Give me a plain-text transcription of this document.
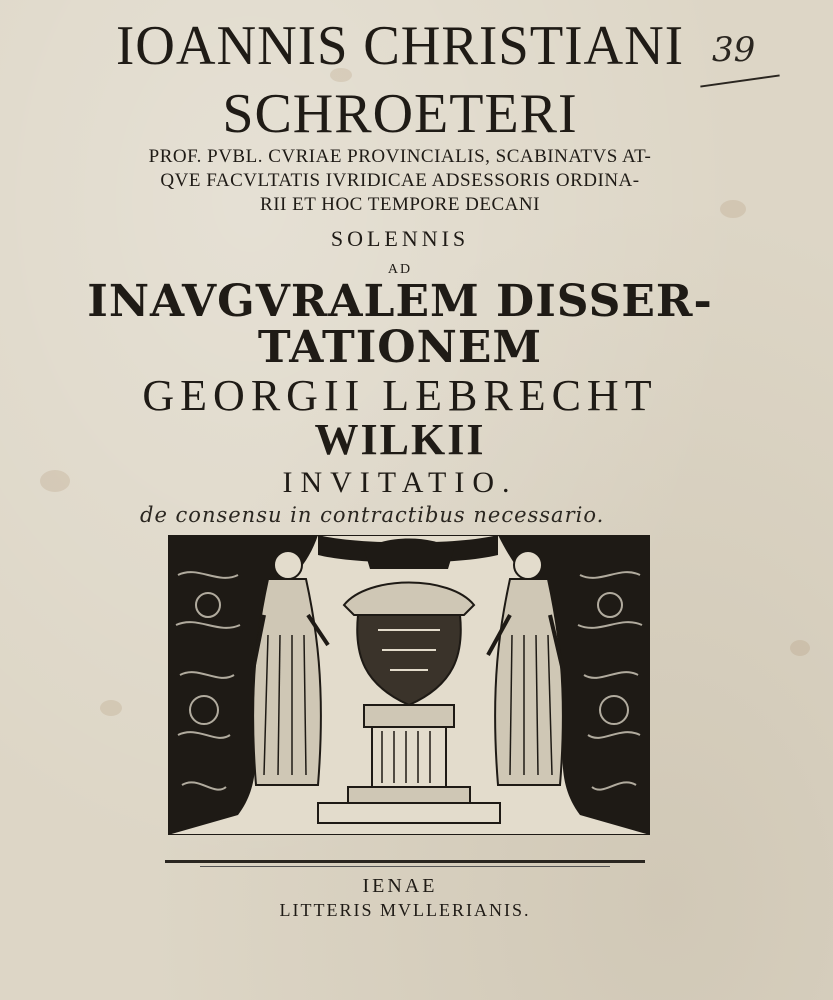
IOANNIS CHRISTIANI
SCHROETERI
39
PROF. PVBL. CVRIAE PROVINCIALIS, SCABINATVS AT-
QVE FACVLTATIS IVRIDICAE ADSESSORIS ORDINA-
RII ET HOC TEMPORE DECANI
SOLENNIS
AD
INAVGVRALEM DISSER-
TATIONEM
GEORGII LEBRECHT
WILKII
INVITATIO.
de consensu in contractibus necessario.
IENAE
LITTERIS MVLLERIANIS.
